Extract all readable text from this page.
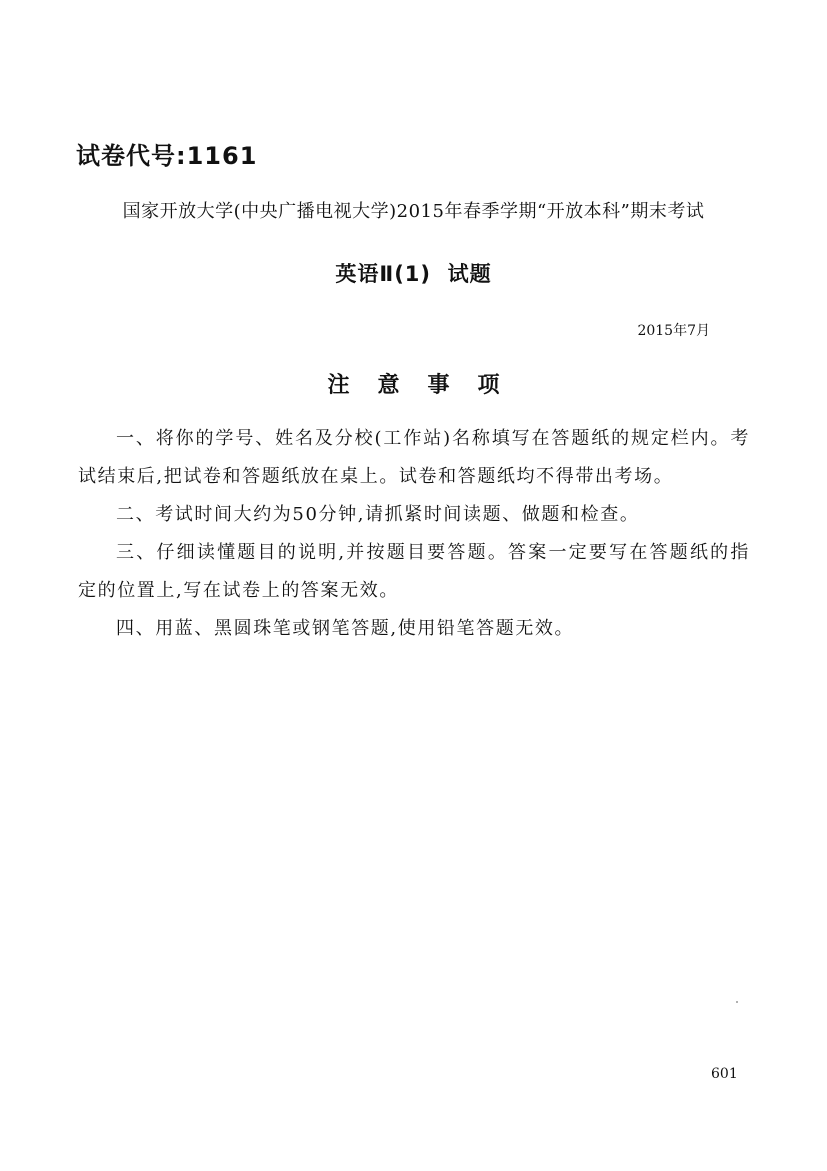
试卷代号:1161
国家开放大学(中央广播电视大学)2015年春季学期“开放本科”期末考试
英语Ⅱ(1)  试题
2015年7月
注意事项
一、将你的学号、姓名及分校(工作站)名称填写在答题纸的规定栏内。考试结束后,把试卷和答题纸放在桌上。试卷和答题纸均不得带出考场。
二、考试时间大约为50分钟,请抓紧时间读题、做题和检查。
三、仔细读懂题目的说明,并按题目要答题。答案一定要写在答题纸的指定的位置上,写在试卷上的答案无效。
四、用蓝、黑圆珠笔或钢笔答题,使用铅笔答题无效。
601
